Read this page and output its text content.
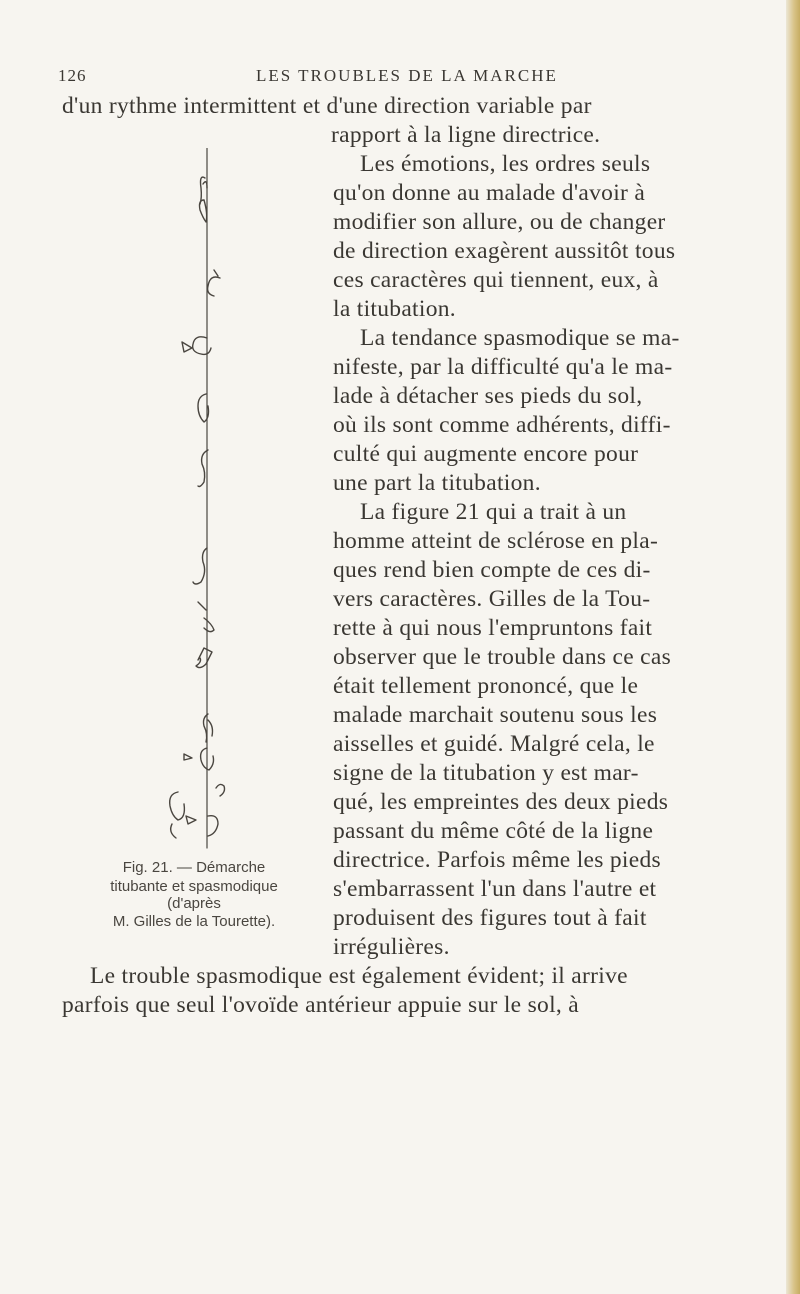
126	LES TROUBLES DE LA MARCHE
d'un rythme intermittent et d'une direction variable par
rapport à la ligne directrice.
Les émotions, les ordres seuls
qu'on donne au malade d'avoir à
modifier son allure, ou de changer
de direction exagèrent aussitôt tous
ces caractères qui tiennent, eux, à
la titubation.
La tendance spasmodique se ma-
nifeste, par la difficulté qu'a le ma-
lade à détacher ses pieds du sol,
où ils sont comme adhérents, diffi-
culté qui augmente encore pour
une part la titubation.
La figure 21 qui a trait à un
homme atteint de sclérose en pla-
ques rend bien compte de ces di-
vers caractères. Gilles de la Tou-
rette à qui nous l'empruntons fait
observer que le trouble dans ce cas
était tellement prononcé, que le
malade marchait soutenu sous les
aisselles et guidé. Malgré cela, le
signe de la titubation y est mar-
qué, les empreintes des deux pieds
passant du même côté de la ligne
directrice. Parfois même les pieds
s'embarrassent l'un dans l'autre et
produisent des figures tout à fait
irrégulières.
Le trouble spasmodique est également évident; il arrive
parfois que seul l'ovoïde antérieur appuie sur le sol, à
Fig. 21. — Démarche
titubante et spasmodique
(d'après
M. Gilles de la Tourette).
